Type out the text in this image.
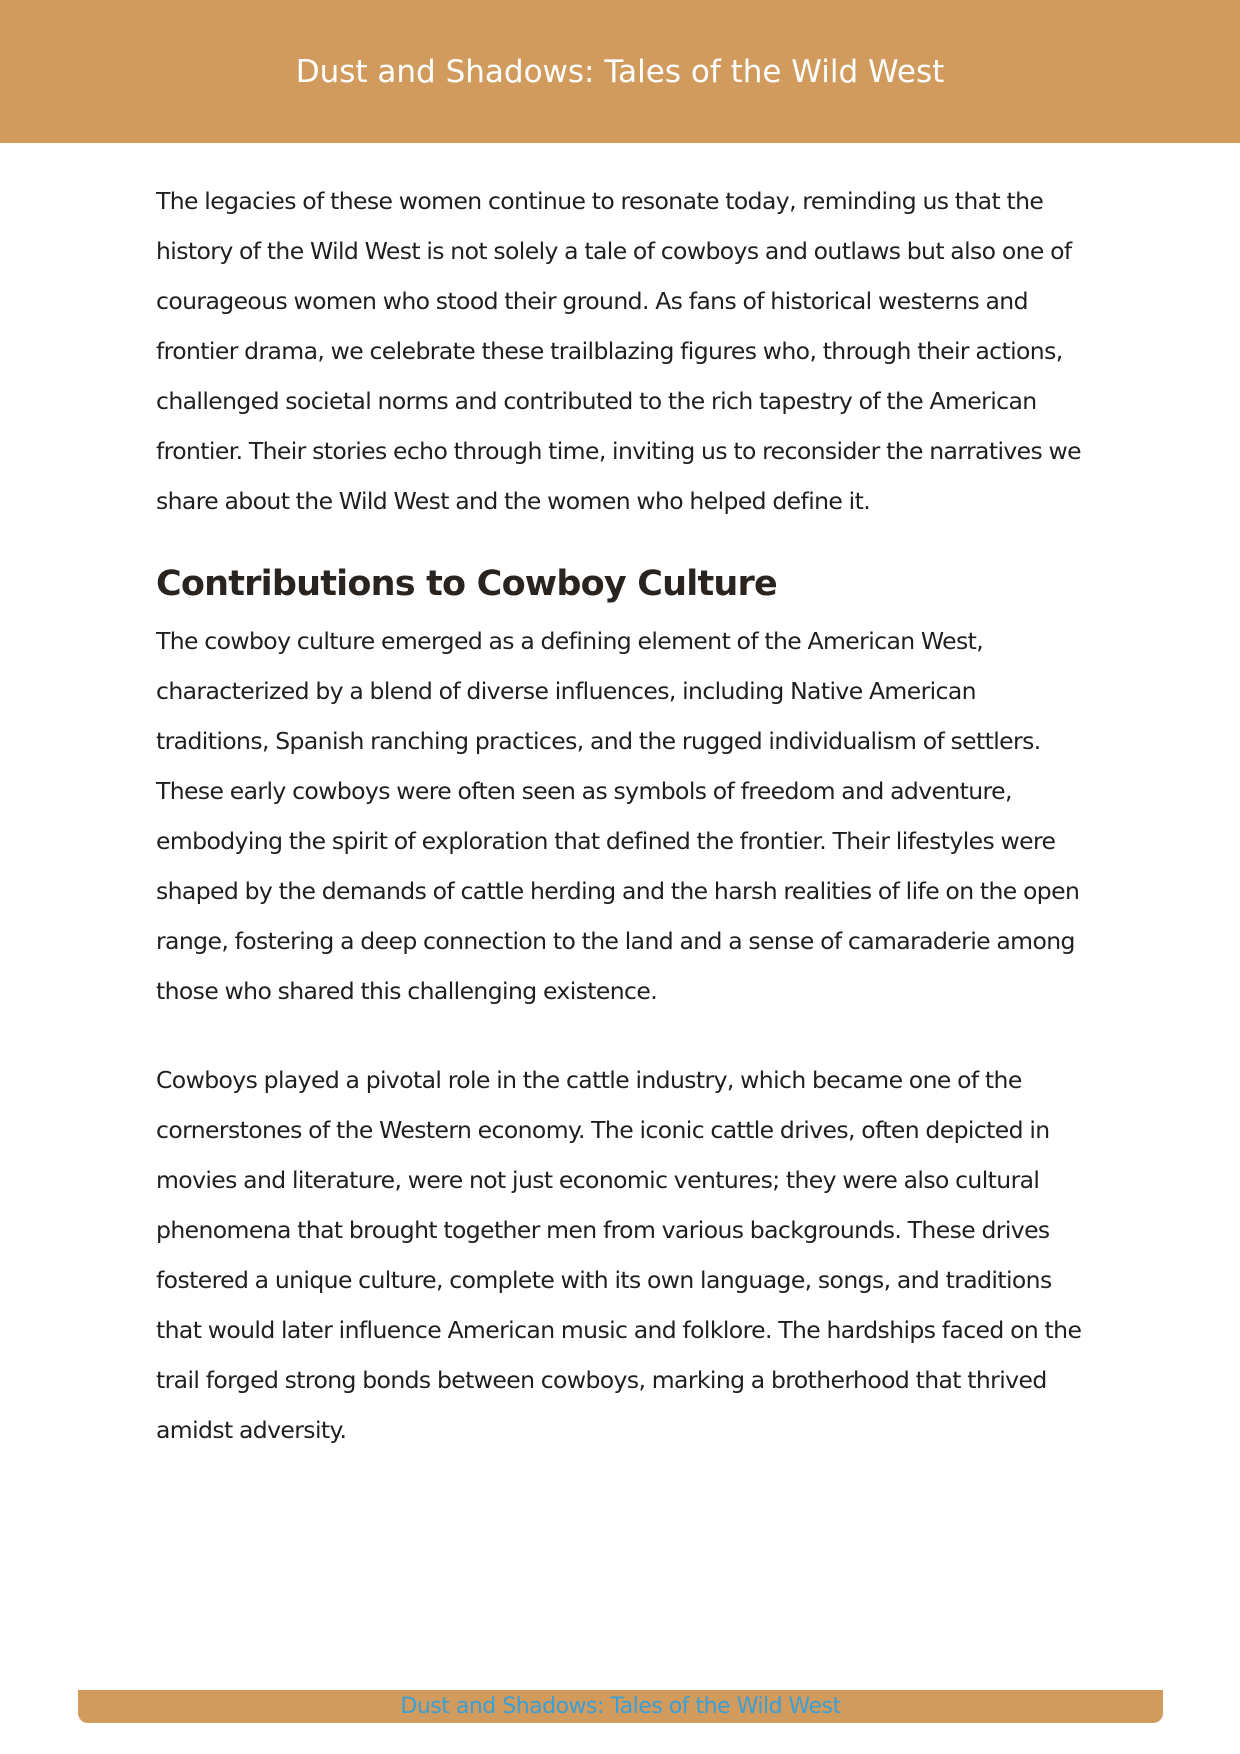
Dust and Shadows: Tales of the Wild West

The legacies of these women continue to resonate today, reminding us that the history of the Wild West is not solely a tale of cowboys and outlaws but also one of courageous women who stood their ground. As fans of historical westerns and frontier drama, we celebrate these trailblazing figures who, through their actions, challenged societal norms and contributed to the rich tapestry of the American frontier. Their stories echo through time, inviting us to reconsider the narratives we share about the Wild West and the women who helped define it.

Contributions to Cowboy Culture

The cowboy culture emerged as a defining element of the American West, characterized by a blend of diverse influences, including Native American traditions, Spanish ranching practices, and the rugged individualism of settlers. These early cowboys were often seen as symbols of freedom and adventure, embodying the spirit of exploration that defined the frontier. Their lifestyles were shaped by the demands of cattle herding and the harsh realities of life on the open range, fostering a deep connection to the land and a sense of camaraderie among those who shared this challenging existence.

Cowboys played a pivotal role in the cattle industry, which became one of the cornerstones of the Western economy. The iconic cattle drives, often depicted in movies and literature, were not just economic ventures; they were also cultural phenomena that brought together men from various backgrounds. These drives fostered a unique culture, complete with its own language, songs, and traditions that would later influence American music and folklore. The hardships faced on the trail forged strong bonds between cowboys, marking a brotherhood that thrived amidst adversity.

Dust and Shadows: Tales of the Wild West
